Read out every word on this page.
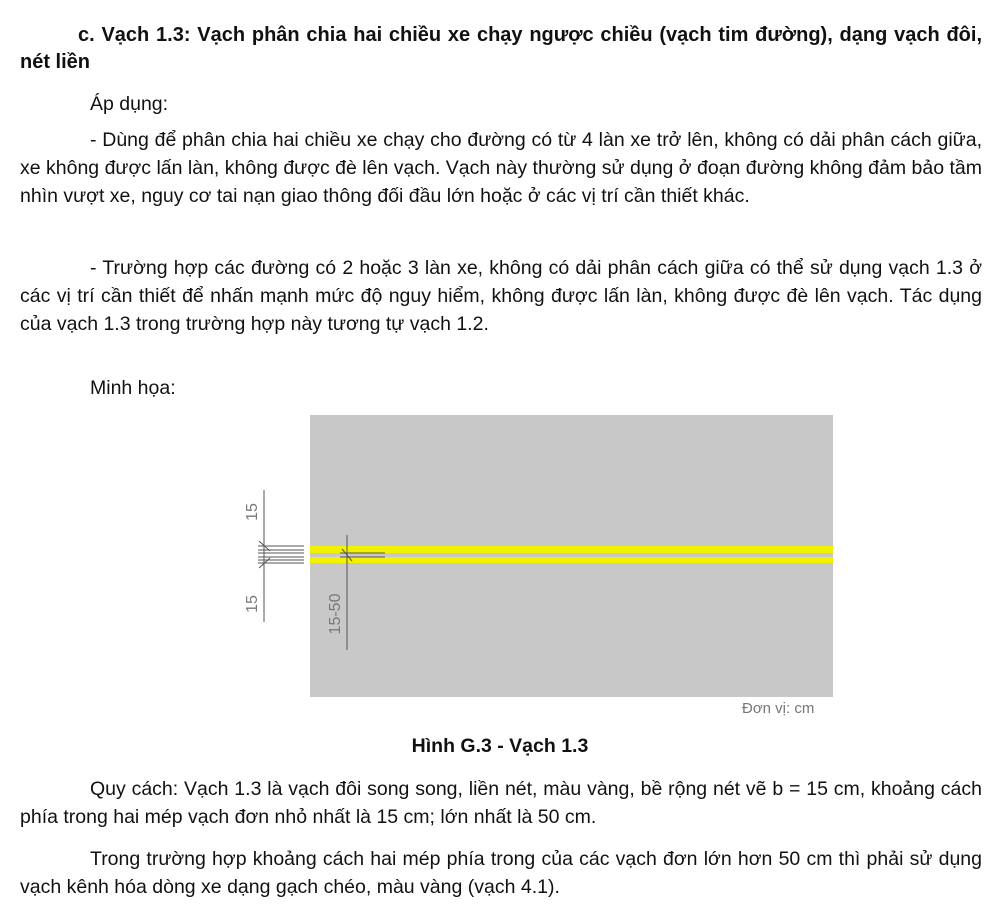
c. Vạch 1.3: Vạch phân chia hai chiều xe chạy ngược chiều (vạch tim đường), dạng vạch đôi, nét liền
Áp dụng:
- Dùng để phân chia hai chiều xe chạy cho đường có từ 4 làn xe trở lên, không có dải phân cách giữa, xe không được lấn làn, không được đè lên vạch. Vạch này thường sử dụng ở đoạn đường không đảm bảo tầm nhìn vượt xe, nguy cơ tai nạn giao thông đối đầu lớn hoặc ở các vị trí cần thiết khác.
- Trường hợp các đường có 2 hoặc 3 làn xe, không có dải phân cách giữa có thể sử dụng vạch 1.3 ở các vị trí cần thiết để nhấn mạnh mức độ nguy hiểm, không được lấn làn, không được đè lên vạch. Tác dụng của vạch 1.3 trong trường hợp này tương tự vạch 1.2.
Minh họa:
15
15	15-50
Đơn vị: cm
Hình G.3 - Vạch 1.3
Quy cách: Vạch 1.3 là vạch đôi song song, liền nét, màu vàng, bề rộng nét vẽ b = 15 cm, khoảng cách phía trong hai mép vạch đơn nhỏ nhất là 15 cm; lớn nhất là 50 cm.
Trong trường hợp khoảng cách hai mép phía trong của các vạch đơn lớn hơn 50 cm thì phải sử dụng vạch kênh hóa dòng xe dạng gạch chéo, màu vàng (vạch 4.1).
